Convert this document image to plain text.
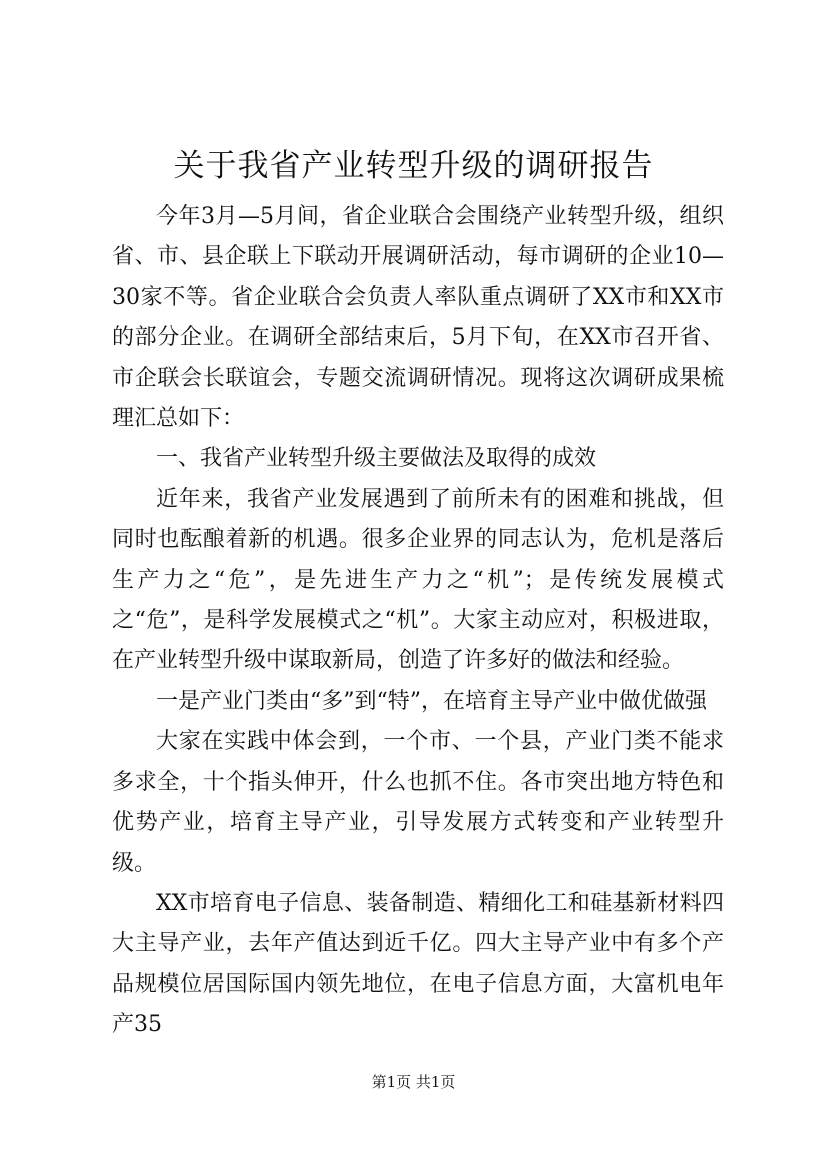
关于我省产业转型升级的调研报告

今年3月—5月间，省企业联合会围绕产业转型升级，组织省、市、县企联上下联动开展调研活动，每市调研的企业10—30家不等。省企业联合会负责人率队重点调研了XX市和XX市的部分企业。在调研全部结束后，5月下旬，在XX市召开省、市企联会长联谊会，专题交流调研情况。现将这次调研成果梳理汇总如下：

一、我省产业转型升级主要做法及取得的成效

近年来，我省产业发展遇到了前所未有的困难和挑战，但同时也酝酿着新的机遇。很多企业界的同志认为，危机是落后生产力之“危”，是先进生产力之“机”；是传统发展模式之“危”，是科学发展模式之“机”。大家主动应对，积极进取，在产业转型升级中谋取新局，创造了许多好的做法和经验。

一是产业门类由“多”到“特”，在培育主导产业中做优做强

大家在实践中体会到，一个市、一个县，产业门类不能求多求全，十个指头伸开，什么也抓不住。各市突出地方特色和优势产业，培育主导产业，引导发展方式转变和产业转型升级。

XX市培育电子信息、装备制造、精细化工和硅基新材料四大主导产业，去年产值达到近千亿。四大主导产业中有多个产品规模位居国际国内领先地位，在电子信息方面，大富机电年产35

第1页 共1页
